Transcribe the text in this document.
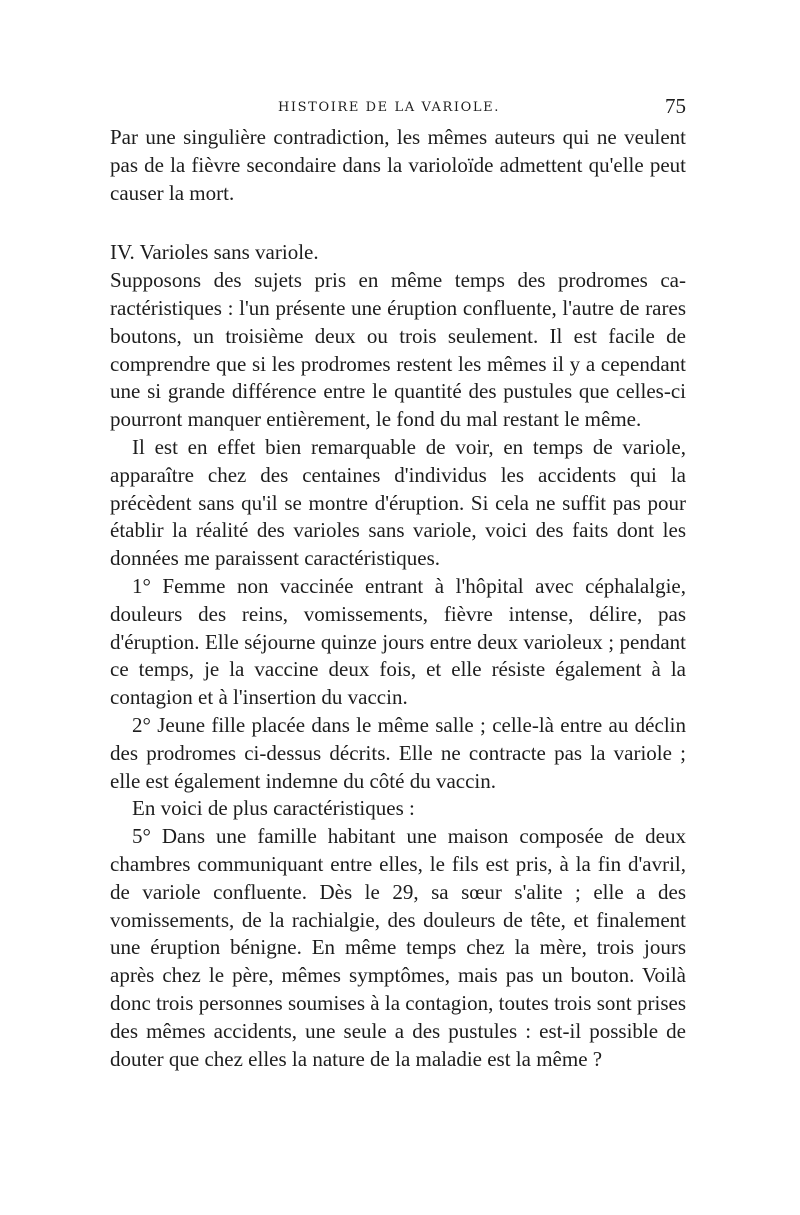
HISTOIRE DE LA VARIOLE.	75

Par une singulière contradiction, les mêmes auteurs qui ne veulent pas de la fièvre secondaire dans la varioloïde admettent qu'elle peut causer la mort.

IV. Varioles sans variole.

Supposons des sujets pris en même temps des prodromes caractéristiques : l'un présente une éruption confluente, l'autre de rares boutons, un troisième deux ou trois seulement. Il est facile de comprendre que si les prodromes restent les mêmes il y a cependant une si grande différence entre le quantité des pustules que celles-ci pourront manquer entièrement, le fond du mal restant le même.

Il est en effet bien remarquable de voir, en temps de variole, apparaître chez des centaines d'individus les accidents qui la précèdent sans qu'il se montre d'éruption. Si cela ne suffit pas pour établir la réalité des varioles sans variole, voici des faits dont les données me paraissent caractéristiques.

1° Femme non vaccinée entrant à l'hôpital avec céphalalgie, douleurs des reins, vomissements, fièvre intense, délire, pas d'éruption. Elle séjourne quinze jours entre deux varioleux ; pendant ce temps, je la vaccine deux fois, et elle résiste également à la contagion et à l'insertion du vaccin.

2° Jeune fille placée dans le même salle ; celle-là entre au déclin des prodromes ci-dessus décrits. Elle ne contracte pas la variole ; elle est également indemne du côté du vaccin.

En voici de plus caractéristiques :

5° Dans une famille habitant une maison composée de deux chambres communiquant entre elles, le fils est pris, à la fin d'avril, de variole confluente. Dès le 29, sa sœur s'alite ; elle a des vomissements, de la rachialgie, des douleurs de tête, et finalement une éruption bénigne. En même temps chez la mère, trois jours après chez le père, mêmes symptômes, mais pas un bouton. Voilà donc trois personnes soumises à la contagion, toutes trois sont prises des mêmes accidents, une seule a des pustules : est-il possible de douter que chez elles la nature de la maladie est la même ?
